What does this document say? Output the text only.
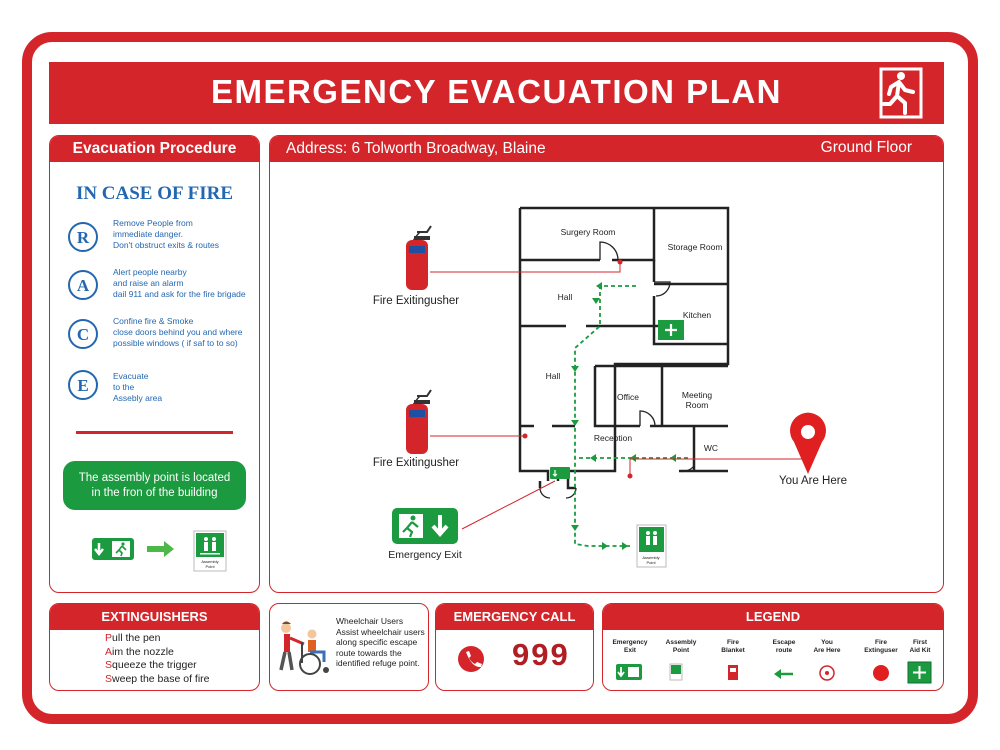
EMERGENCY EVACUATION PLAN
Evacuation Procedure
IN CASE OF FIRE
R
Remove People from
immediate danger.
Don't obstruct exits & routes
A
Alert people nearby
and raise an alarm
dail 911 and ask for the fire brigade
C
Confine fire & Smoke
close doors behind you and where
possible windows ( if saf to to so)
E	Evacuate
to the
Assebly area
The assembly point is located
in the fron of the building
Assembly
Point
Address: 6 Tolworth Broadway, Blaine	Ground Floor
Surgery Room
Storage Room
Hall
Kitchen
Hall
Office	Meeting
Room
Reception
WC
Fire Exitingusher
Fire Exitingusher
Emergency Exit	Assembly
Point
You Are Here
EXTINGUISHERS
Pull the pen
Aim the nozzle
Squeeze the trigger
Sweep the base of fire
Wheelchair Users
Assist wheelchair users
along specific escape
route towards the
identified refuge point.
EMERGENCY CALL
999
LEGEND
Emergency
Exit
Assembly
Point
Fire
Blanket
Escape
route
You
Are Here
Fire
Extinguser
First
Aid Kit
